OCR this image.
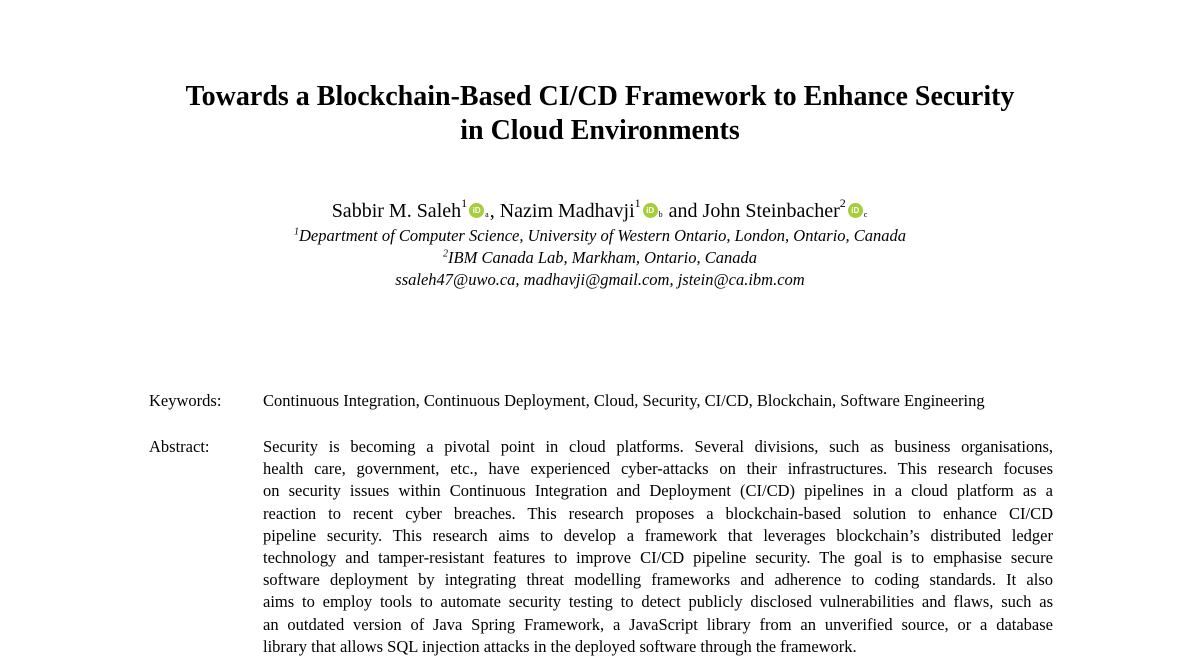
Towards a Blockchain-Based CI/CD Framework to Enhance Security
in Cloud Environments
Sabbir M. Saleh$^1$iD $^a$, Nazim Madhavji$^1$iD $^b$ and John Steinbacher$^2$iD $^c$
$^1$Department of Computer Science, University of Western Ontario, London, Ontario, Canada
$^2$IBM Canada Lab, Markham, Ontario, Canada
ssaleh47@uwo.ca, madhavji@gmail.com, jstein@ca.ibm.com
Keywords:	Continuous Integration, Continuous Deployment, Cloud, Security, CI/CD, Blockchain, Software Engineering
Abstract:	Security is becoming a pivotal point in cloud platforms. Several divisions, such as business organisations,
health care, government, etc., have experienced cyber-attacks on their infrastructures. This research focuses
on security issues within Continuous Integration and Deployment (CI/CD) pipelines in a cloud platform as a
reaction to recent cyber breaches. This research proposes a blockchain-based solution to enhance CI/CD
pipeline security. This research aims to develop a framework that leverages blockchain’s distributed ledger
technology and tamper-resistant features to improve CI/CD pipeline security. The goal is to emphasise secure
software deployment by integrating threat modelling frameworks and adherence to coding standards. It also
aims to employ tools to automate security testing to detect publicly disclosed vulnerabilities and flaws, such as
an outdated version of Java Spring Framework, a JavaScript library from an unverified source, or a database
library that allows SQL injection attacks in the deployed software through the framework.
